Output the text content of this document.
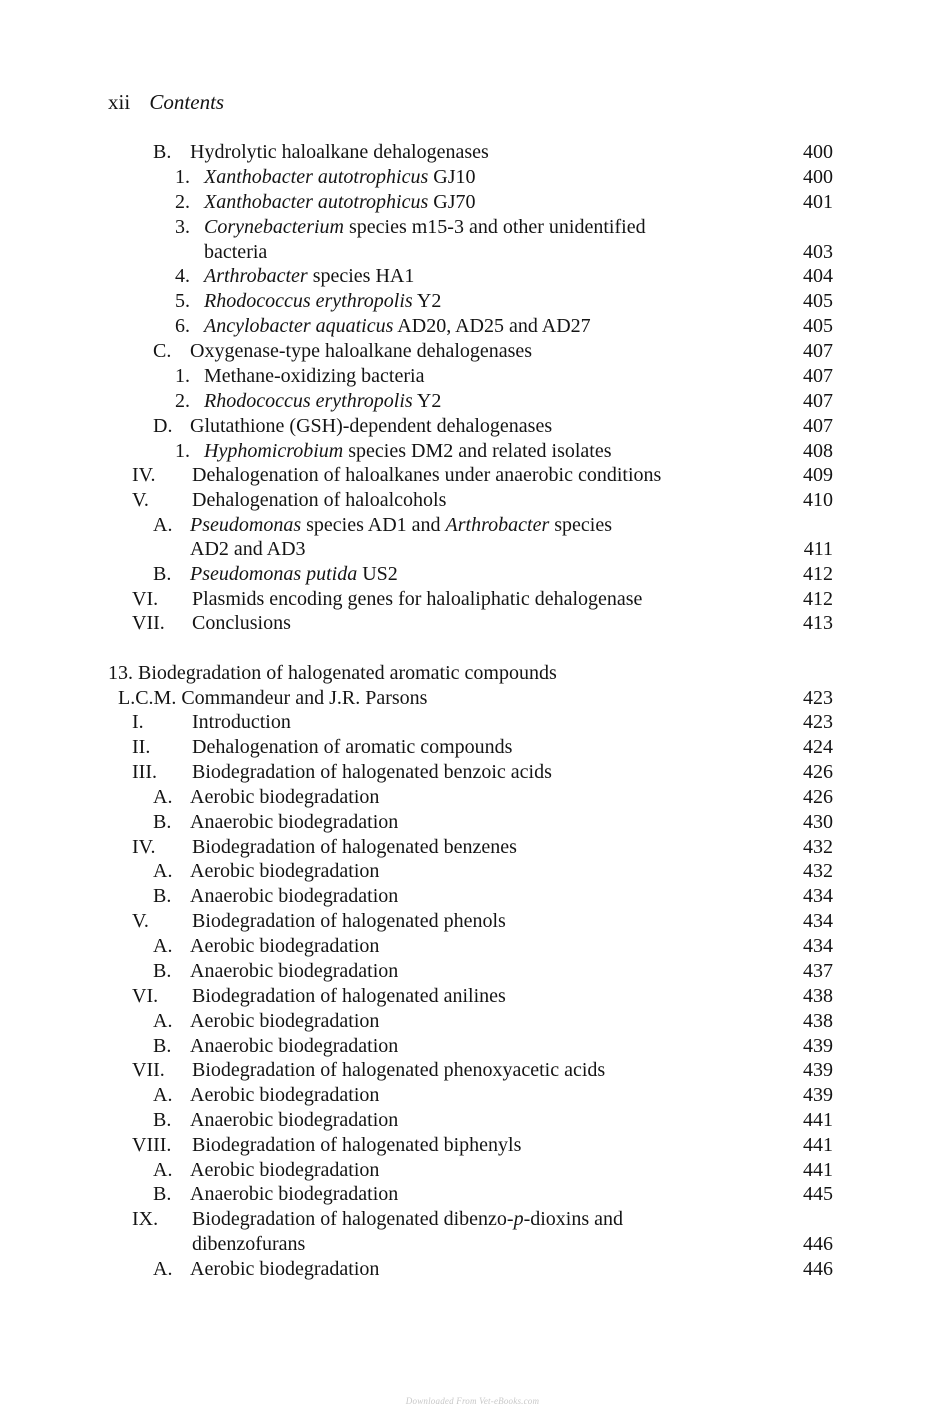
xii Contents
B. Hydrolytic haloalkane dehalogenases	400
1. Xanthobacter autotrophicus GJ10	400
2. Xanthobacter autotrophicus GJ70	401
3. Corynebacterium species m15-3 and other unidentified
bacteria	403
4. Arthrobacter species HA1	404
5. Rhodococcus erythropolis Y2	405
6. Ancylobacter aquaticus AD20, AD25 and AD27	405
C. Oxygenase-type haloalkane dehalogenases	407
1. Methane-oxidizing bacteria	407
2. Rhodococcus erythropolis Y2	407
D. Glutathione (GSH)-dependent dehalogenases	407
1. Hyphomicrobium species DM2 and related isolates	408
IV. Dehalogenation of haloalkanes under anaerobic conditions	409
V. Dehalogenation of haloalcohols	410
A. Pseudomonas species AD1 and Arthrobacter species
AD2 and AD3	411
B. Pseudomonas putida US2	412
VI. Plasmids encoding genes for haloaliphatic dehalogenase	412
VII. Conclusions	413
13. Biodegradation of halogenated aromatic compounds
L.C.M. Commandeur and J.R. Parsons	423
I. Introduction	423
II. Dehalogenation of aromatic compounds	424
III. Biodegradation of halogenated benzoic acids	426
A. Aerobic biodegradation	426
B. Anaerobic biodegradation	430
IV. Biodegradation of halogenated benzenes	432
A. Aerobic biodegradation	432
B. Anaerobic biodegradation	434
V. Biodegradation of halogenated phenols	434
A. Aerobic biodegradation	434
B. Anaerobic biodegradation	437
VI. Biodegradation of halogenated anilines	438
A. Aerobic biodegradation	438
B. Anaerobic biodegradation	439
VII. Biodegradation of halogenated phenoxyacetic acids	439
A. Aerobic biodegradation	439
B. Anaerobic biodegradation	441
VIII. Biodegradation of halogenated biphenyls	441
A. Aerobic biodegradation	441
B. Anaerobic biodegradation	445
IX. Biodegradation of halogenated dibenzo-p-dioxins and
dibenzofurans	446
A. Aerobic biodegradation	446
Downloaded From Vet-eBooks.com
